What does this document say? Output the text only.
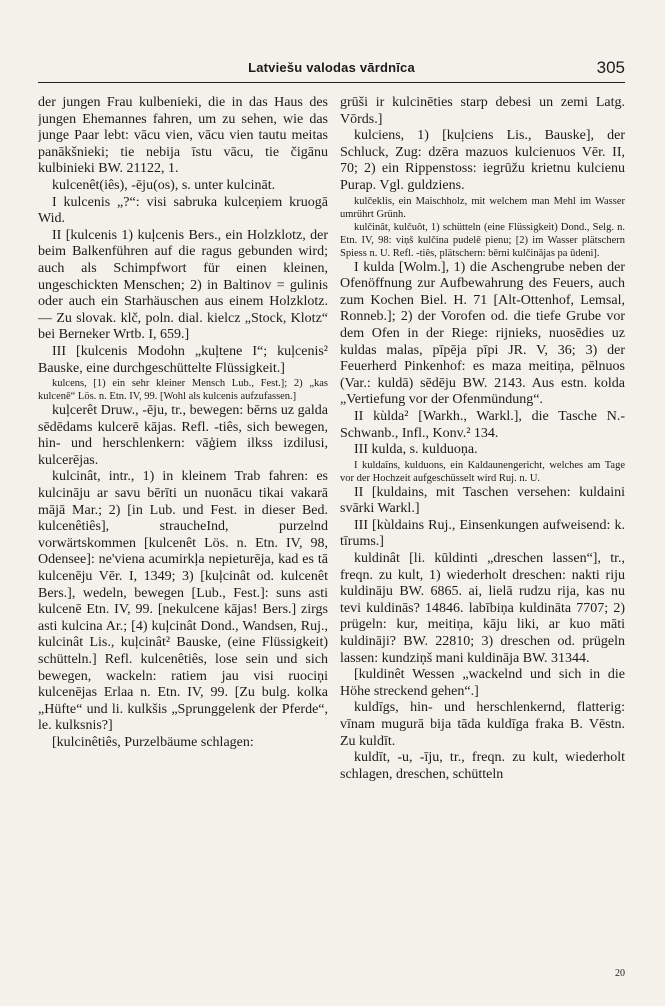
Latviešu valodas vārdnīca	305
der jungen Frau kulbenieki, die in das Haus des jungen Ehemannes fahren, um zu sehen, wie das junge Paar lebt: vācu vien, vācu vien tautu meitas panākšnieki; tie nebija īstu vācu, tie čigānu kulbinieki BW. 21122, 1.
kulcenêt(iês), -ēju(os), s. unter kulcināt.
I kulcenis „?“: visi sabruka kulceņiem kruogā Wid.
II [kulcenis 1) kuļcenis Bers., ein Holzklotz, der beim Balkenführen auf die ragus gebunden wird; auch als Schimpfwort für einen kleinen, ungeschickten Menschen; 2) in Baltinov = gulinis oder auch ein Starhäuschen aus einem Holzklotz. — Zu slovak. klč, poln. dial. kielcz „Stock, Klotz“ bei Berneker Wrtb. I, 659.]
III [kulcenis Modohn „kuļtene I“; kuļcenis² Bauske, eine durchgeschüttelte Flüssigkeit.]
kulcens, [1) ein sehr kleiner Mensch Lub., Fest.]; 2) „kas kulcenē“ Lös. n. Etn. IV, 99. [Wohl als kulcenis aufzufassen.]
kuļcerêt Druw., -ēju, tr., bewegen: bērns uz galda sēdēdams kulcerē kājas. Refl. -tiês, sich bewegen, hin- und herschlenkern: vāģiem ilkss izdilusi, kulcerējas.
kulcinât, intr., 1) in kleinem Trab fahren: es kulcināju ar savu bērīti un nuonācu tikai vakarā mājā Mar.; 2) [in Lub. und Fest. in dieser Bed. kulcenêtiês], straucheInd, purzelnd vorwärtskommen [kulcenêt Lös. n. Etn. IV, 98, Odensee]: ne'viena acumirkļa nepieturēja, kad es tā kulcenēju Vēr. I, 1349; 3) [kuļcinât od. kulcenêt Bers.], wedeln, bewegen [Lub., Fest.]: suns asti kulcenē Etn. IV, 99. [nekulcene kājas! Bers.] zirgs asti kulcina Ar.; [4) kuļcinât Dond., Wandsen, Ruj., kulcinât Lis., kuļcinât² Bauske, (eine Flüssigkeit) schütteln.] Refl. kulcenêtiês, lose sein und sich bewegen, wackeln: ratiem jau visi ruociņi kulcenējas Erlaa n. Etn. IV, 99. [Zu bulg. kolka „Hüfte“ und li. kulkšis „Sprunggelenk der Pferde“, le. kulksnis?]
[kulcinêtiês, Purzelbäume schlagen:
grūši ir kulcinēties starp debesi un zemi Latg. Vōrds.]
kulciens, 1) [kuļciens Lis., Bauske], der Schluck, Zug: dzēra mazuos kulcienuos Vēr. II, 70; 2) ein Rippenstoss: iegrūžu krietnu kulcienu Purap. Vgl. guldziens.
kulčeklis, ein Maischholz, mit welchem man Mehl im Wasser umrührt Grünh.
kulčinât, kulčuôt, 1) schütteln (eine Flüssigkeit) Dond., Selg. n. Etn. IV, 98: viņš kulčina pudelē pienu; [2) im Wasser plätschern Spiess n. U. Refl. -tiês, plätschern: bērni kulčinājas pa ūdeni].
I kulda [Wolm.], 1) die Aschengrube neben der Ofenöffnung zur Aufbewahrung des Feuers, auch zum Kochen Biel. H. 71 [Alt-Ottenhof, Lemsal, Ronneb.]; 2) der Vorofen od. die tiefe Grube vor dem Ofen in der Riege: rijnieks, nuosēdies uz kuldas malas, pīpēja pīpi JR. V, 36; 3) der Feuerherd Pinkenhof: es maza meitiņa, pēlnuos (Var.: kuldā) sēdēju BW. 2143. Aus estn. kolda „Vertiefung vor der Ofenmündung“.
II kùlda² [Warkh., Warkl.], die Tasche N.-Schwanb., Infl., Konv.² 134.
III kulda, s. kulduoņa.
I kuldaîns, kulduons, ein Kaldaunengericht, welches am Tage vor der Hochzeit aufgeschüsselt wird Ruj. n. U.
II [kuldains, mit Taschen versehen: kuldaini svārki Warkl.]
III [kùldains Ruj., Einsenkungen aufweisend: k. tīrums.]
kuldinât [li. kūldinti „dreschen lassen“], tr., freqn. zu kult, 1) wiederholt dreschen: nakti riju kuldināju BW. 6865. ai, lielā rudzu rija, kas nu tevi kuldinās? 14846. labībiņa kuldināta 7707; 2) prügeln: kur, meitiņa, kāju liki, ar kuo māti kuldināji? BW. 22810; 3) dreschen od. prügeln lassen: kundziņš mani kuldināja BW. 31344.
[kuldinêt Wessen „wackelnd und sich in die Höhe streckend gehen“.]
kuldīgs, hin- und herschlenkernd, flatterig: vīnam mugurā bija tāda kuldīga fraka B. Vēstn. Zu kuldīt.
kuldīt, -u, -īju, tr., freqn. zu kult, wiederholt schlagen, dreschen, schütteln
20
